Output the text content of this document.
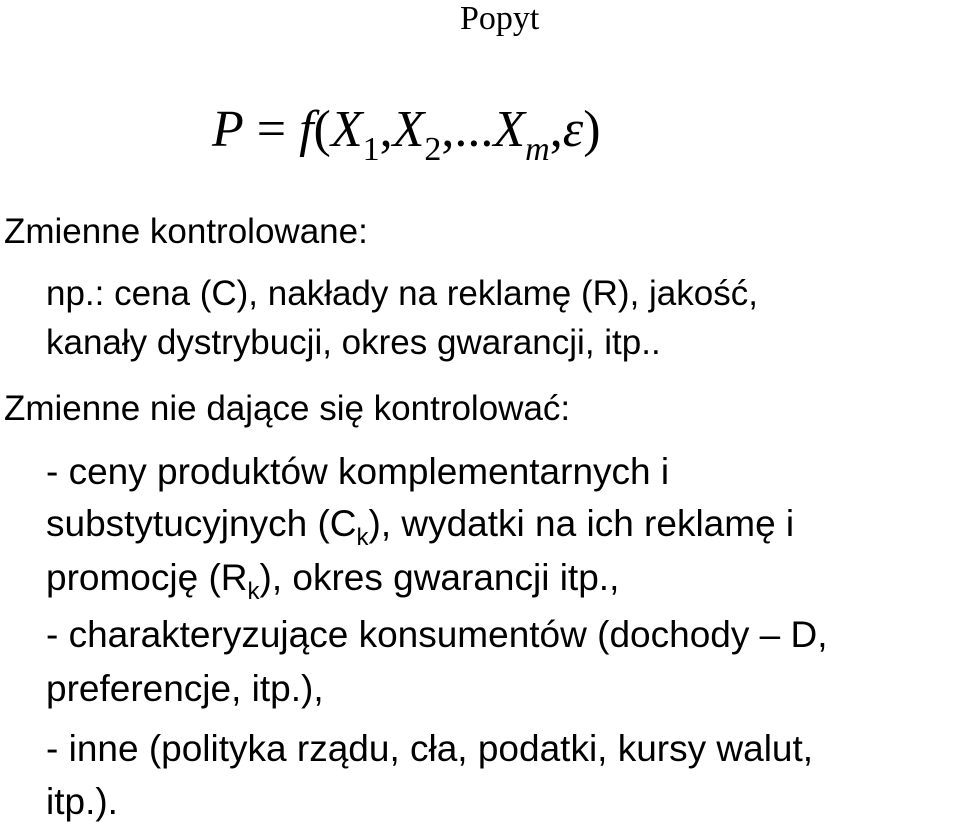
Popyt
$P = f(X_1,X_2,...X_m,\varepsilon)$
Zmienne kontrolowane:
np.: cena (C), nakłady na reklamę (R), jakość,
kanały dystrybucji, okres gwarancji, itp..
Zmienne nie dające się kontrolować:
- ceny produktów komplementarnych i
substytucyjnych $(C_k)$, wydatki na ich reklamę i
promocję $(R_k)$, okres gwarancji itp.,
- charakteryzujące konsumentów (dochody – D,
preferencje, itp.),
- inne (polityka rządu, cła, podatki, kursy walut,
itp.).
